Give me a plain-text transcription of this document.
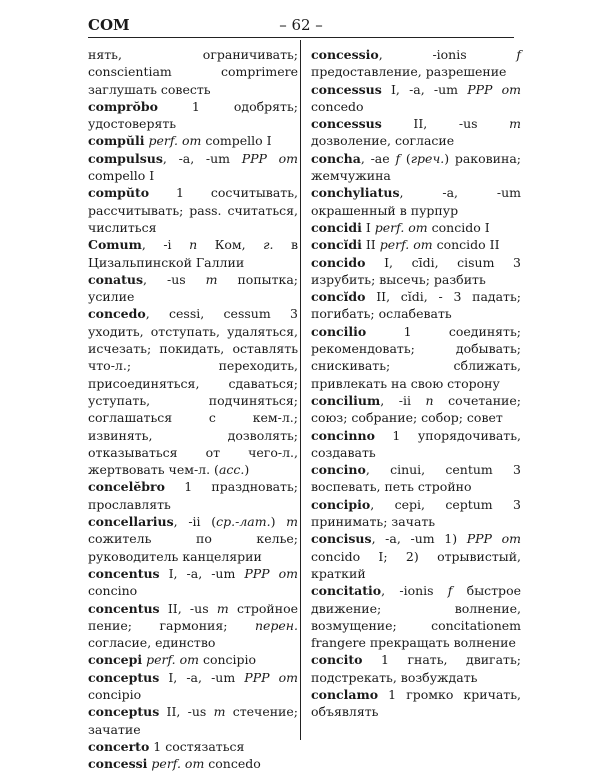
COM	– 62 –

нять, ограничивать; conscientiam comprimere заглушать совесть

comprŏbo 1 одобрять; удостоверять

compŭli perf. от compello I

compulsus, -a, -um PPP от compello I

compŭto 1 сосчитывать, рассчитывать; pass. считаться, числиться

Comum, -i n Ком, г. в Цизальпинской Галлии

conatus, -us m попытка; усилие

concedo, cessi, cessum 3 уходить, отступать, удаляться, исчезать; покидать, оставлять что-л.; переходить, присоединяться, сдаваться; уступать, подчиняться; соглашаться с кем-л.; извинять, дозволять; отказываться от чего-л., жертвовать чем-л. (acc.)

concelĕbro 1 праздновать; прославлять

concellarius, -ii (ср.-лат.) m сожитель по келье; руководитель канцелярии

concentus I, -a, -um PPP от concino

concentus II, -us m стройное пение; гармония; перен. согласие, единство

concepi perf. от concipio

conceptus I, -a, -um PPP от concipio

conceptus II, -us m стечение; зачатие

concerto 1 состязаться

concessi perf. от concedo

concessio, -ionis f предоставление, разрешение

concessus I, -a, -um PPP от concedo

concessus II, -us m дозволение, согласие

concha, -ae f (греч.) раковина; жемчужина

conchyliatus, -a, -um окрашенный в пурпур

concidi I perf. от concido I

concĭdi II perf. от concido II

concido I, cīdi, cisum 3 изрубить; высечь; разбить

concĭdo II, cĭdi, - 3 падать; погибать; ослабевать

concilio 1 соединять; рекомендовать; добывать; снискивать; сближать, привлекать на свою сторону

concilium, -ii n сочетание; союз; собрание; собор; совет

concinno 1 упорядочивать, создавать

concino, cinui, centum 3 воспевать, петь стройно

concipio, cepi, ceptum 3 принимать; зачать

concisus, -a, -um 1) PPP от concido I; 2) отрывистый, краткий

concitatio, -ionis f быстрое движение; волнение, возмущение; concitationem frangere прекращать волнение

concito 1 гнать, двигать; подстрекать, возбуждать

conclamo 1 громко кричать, объявлять
